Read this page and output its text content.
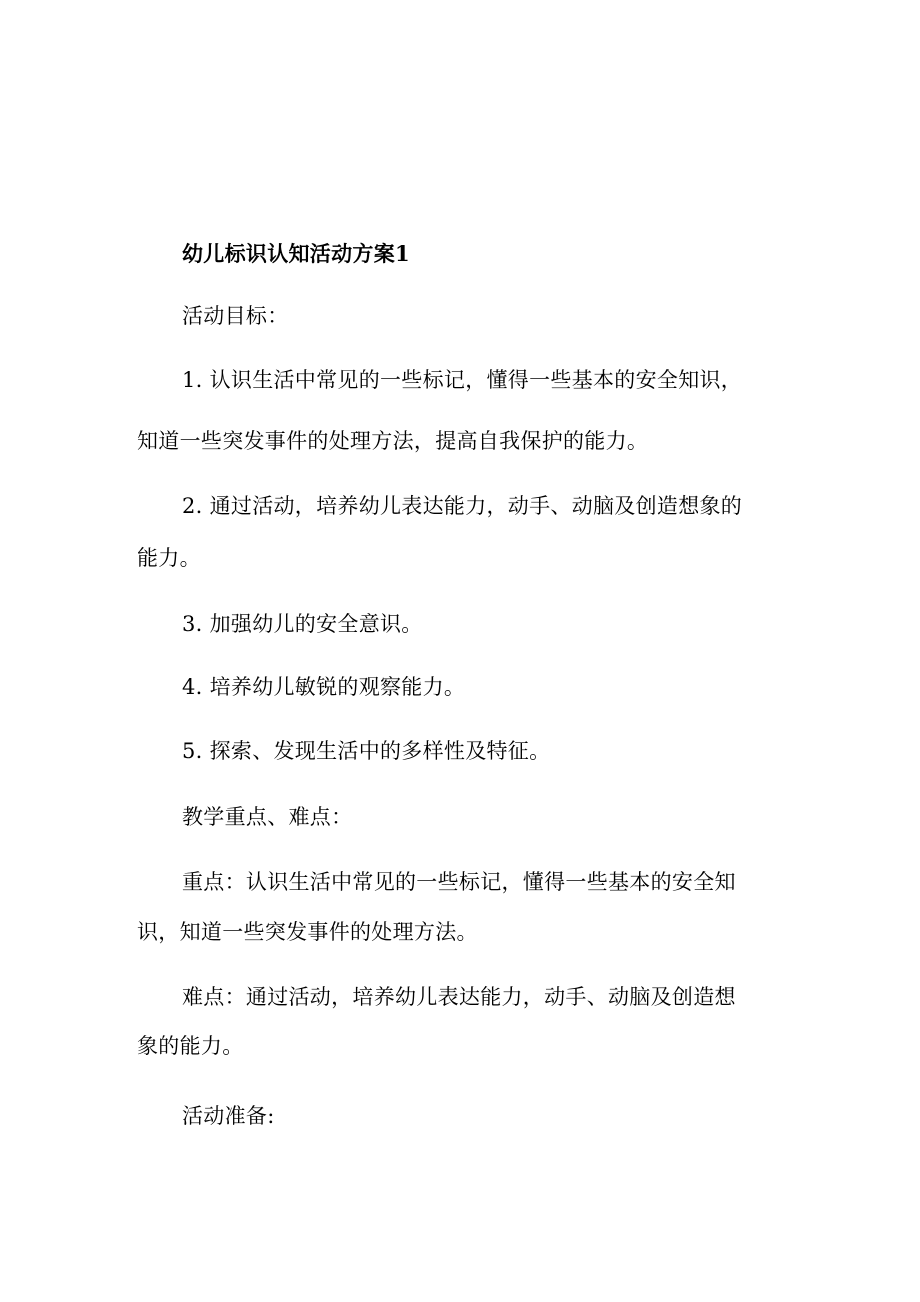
幼儿标识认知活动方案1
活动目标：
1. 认识生活中常见的一些标记，懂得一些基本的安全知识，
知道一些突发事件的处理方法，提高自我保护的能力。
2. 通过活动，培养幼儿表达能力，动手、动脑及创造想象的
能力。
3. 加强幼儿的安全意识。
4. 培养幼儿敏锐的观察能力。
5. 探索、发现生活中的多样性及特征。
教学重点、难点：
重点：认识生活中常见的一些标记，懂得一些基本的安全知
识，知道一些突发事件的处理方法。
难点：通过活动，培养幼儿表达能力，动手、动脑及创造想
象的能力。
活动准备:
